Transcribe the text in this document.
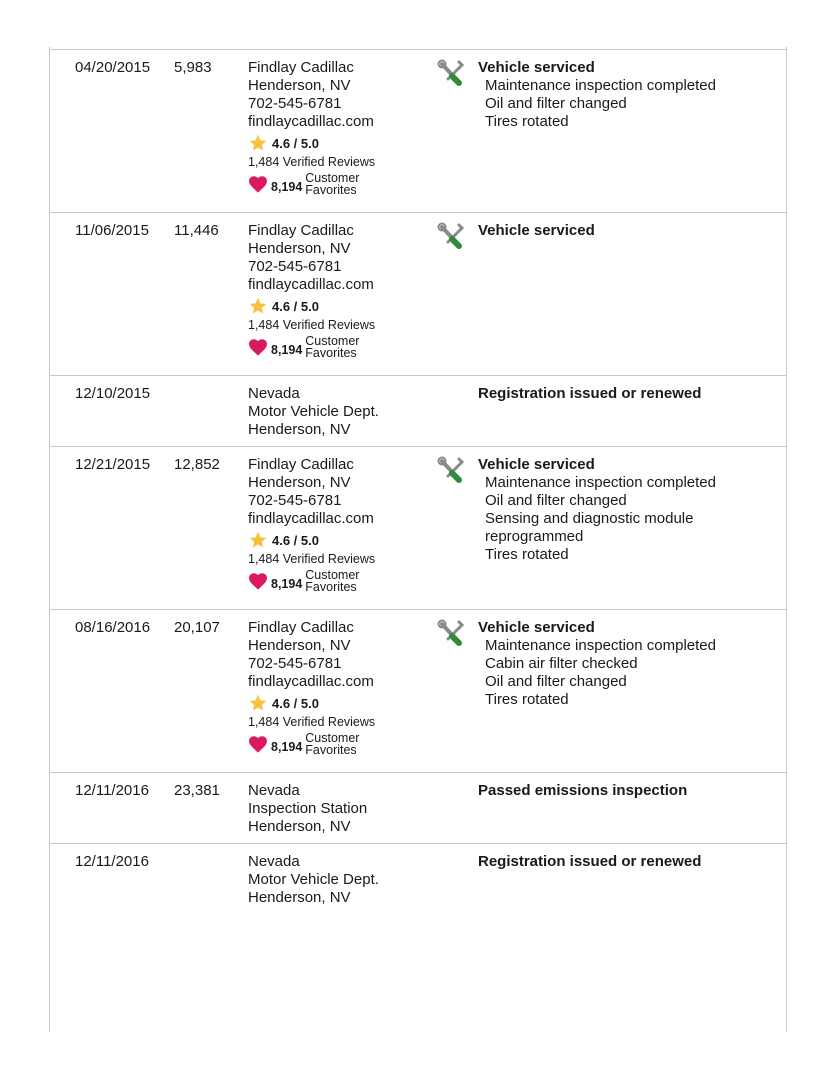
04/20/2015 5,983 Findlay Cadillac
Henderson, NV
702-545-6781
findlaycadillac.com
4.6 / 5.0
1,484 Verified Reviews
8,194
Customer
Favorites
Vehicle serviced
Maintenance inspection completed
Oil and filter changed
Tires rotated
11/06/2015 11,446 Findlay Cadillac
Henderson, NV
702-545-6781
findlaycadillac.com
4.6 / 5.0
1,484 Verified Reviews
8,194
Customer
Favorites
Vehicle serviced
12/10/2015	Nevada
Motor Vehicle Dept.
Henderson, NV
Registration issued or renewed
12/21/2015 12,852 Findlay Cadillac
Henderson, NV
702-545-6781
findlaycadillac.com
4.6 / 5.0
1,484 Verified Reviews
8,194
Customer
Favorites
Vehicle serviced
Maintenance inspection completed
Oil and filter changed
Sensing and diagnostic module
reprogrammed
Tires rotated
08/16/2016 20,107 Findlay Cadillac
Henderson, NV
702-545-6781
findlaycadillac.com
4.6 / 5.0
1,484 Verified Reviews
8,194
Customer
Favorites
Vehicle serviced
Maintenance inspection completed
Cabin air filter checked
Oil and filter changed
Tires rotated
12/11/2016 23,381 Nevada
Inspection Station
Henderson, NV
Passed emissions inspection
12/11/2016	Nevada
Motor Vehicle Dept.
Henderson, NV
Registration issued or renewed
